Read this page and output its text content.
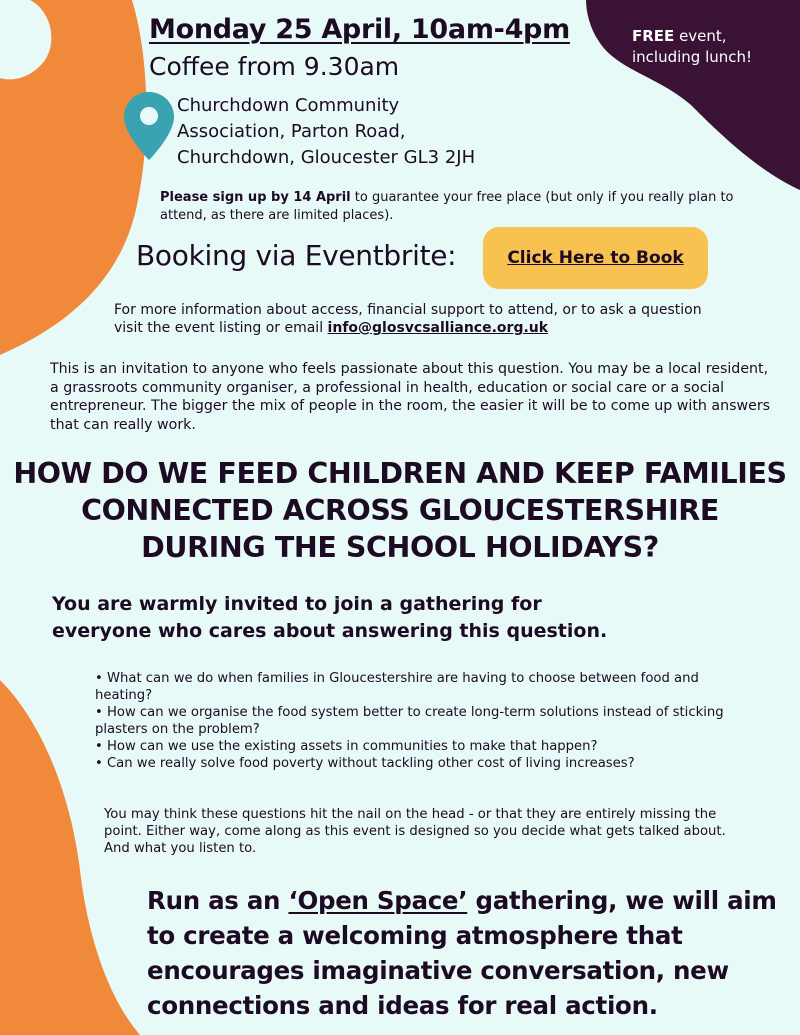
Monday 25 April, 10am-4pm
Coffee from 9.30am
FREE event,
including lunch!
Churchdown Community
Association, Parton Road,
Churchdown, Gloucester GL3 2JH
Please sign up by 14 April to guarantee your free place (but only if you really plan to attend, as there are limited places).
Booking via Eventbrite:	Click Here to Book
For more information about access, financial support to attend, or to ask a question visit the event listing or email info@glosvcsalliance.org.uk
This is an invitation to anyone who feels passionate about this question. You may be a local resident, a grassroots community organiser, a professional in health, education or social care or a social entrepreneur. The bigger the mix of people in the room, the easier it will be to come up with answers that can really work.
HOW DO WE FEED CHILDREN AND KEEP FAMILIES
CONNECTED ACROSS GLOUCESTERSHIRE
DURING THE SCHOOL HOLIDAYS?
You are warmly invited to join a gathering for
everyone who cares about answering this question.
• What can we do when families in Gloucestershire are having to choose between food and heating?
• How can we organise the food system better to create long-term solutions instead of sticking plasters on the problem?
• How can we use the existing assets in communities to make that happen?
• Can we really solve food poverty without tackling other cost of living increases?
You may think these questions hit the nail on the head - or that they are entirely missing the point. Either way, come along as this event is designed so you decide what gets talked about. And what you listen to.
Run as an ‘Open Space’ gathering, we will aim to create a welcoming atmosphere that encourages imaginative conversation, new connections and ideas for real action.
